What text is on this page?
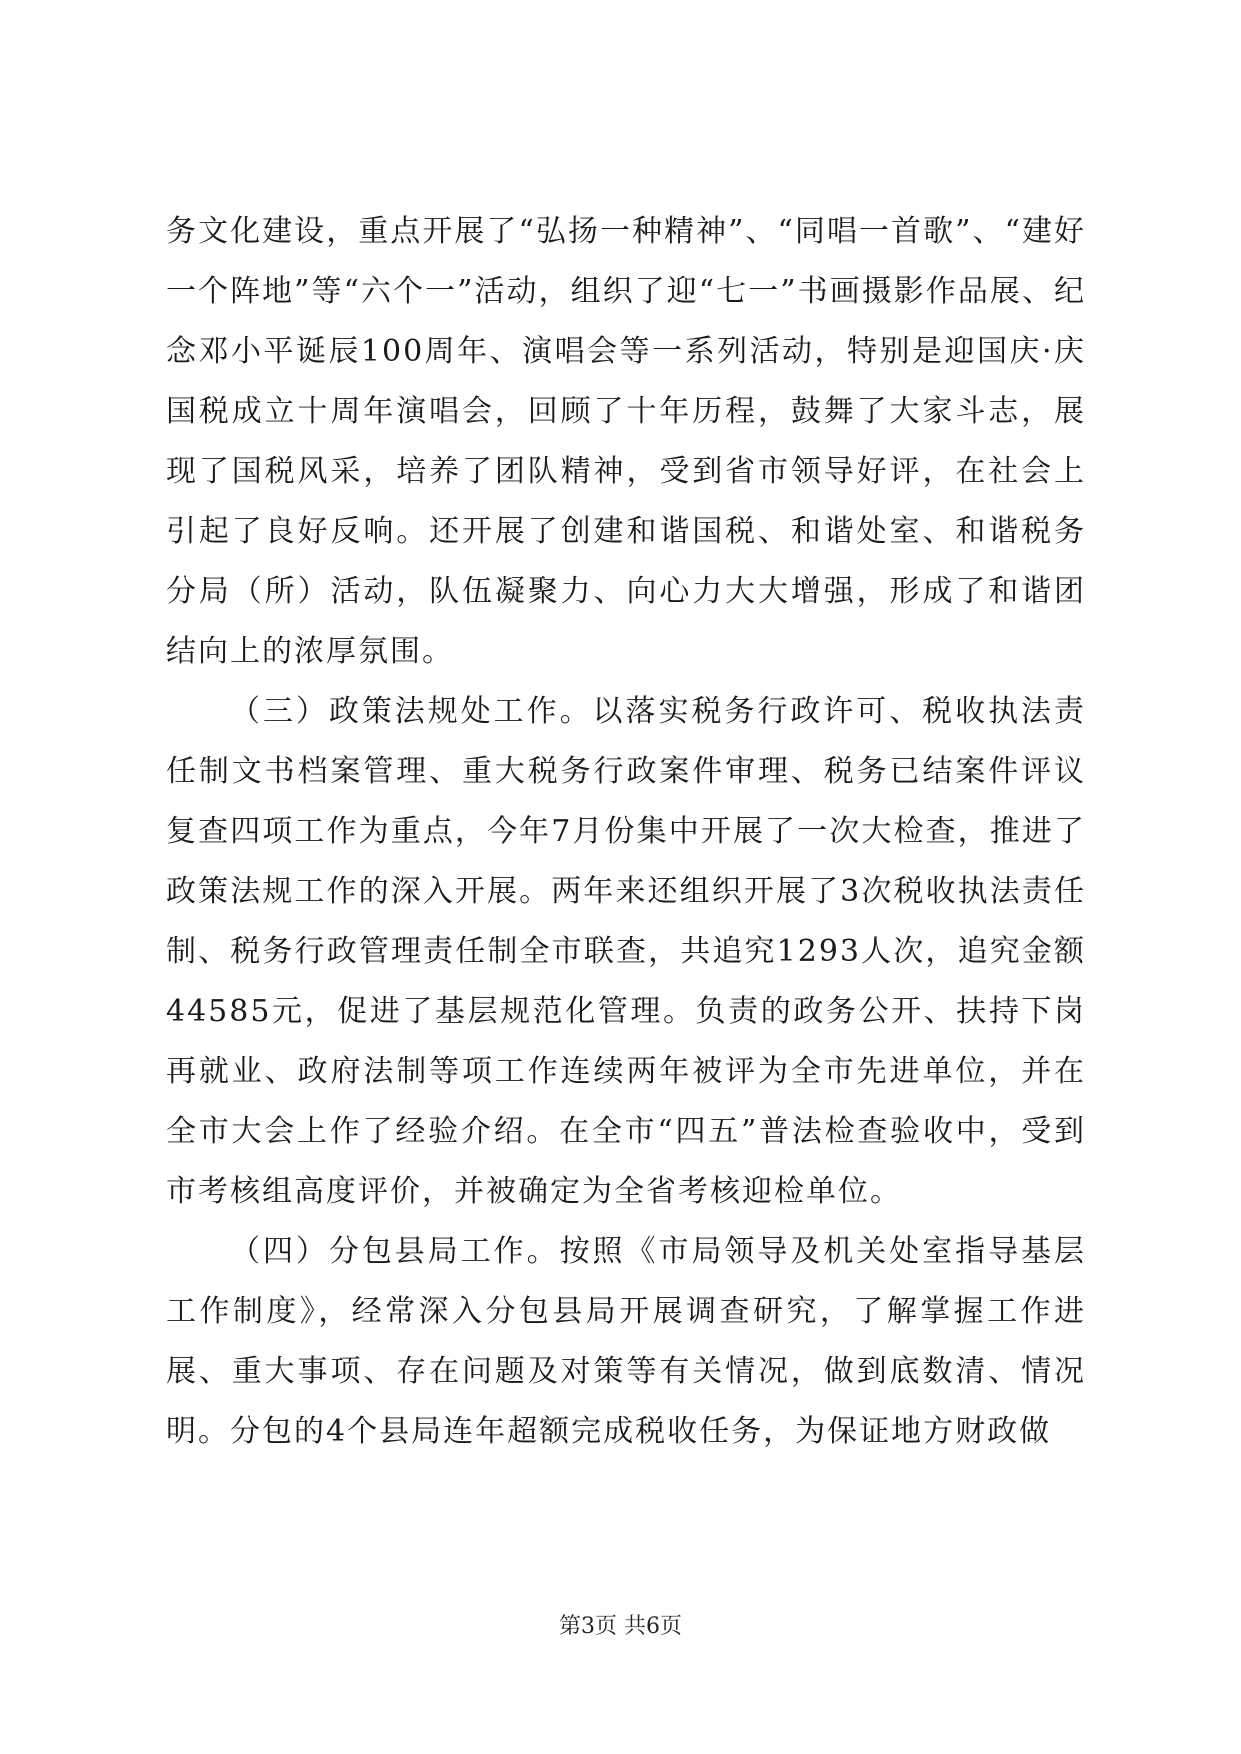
务文化建设，重点开展了“弘扬一种精神”、“同唱一首歌”、“建好一个阵地”等“六个一”活动，组织了迎“七一”书画摄影作品展、纪念邓小平诞辰100周年、演唱会等一系列活动，特别是迎国庆·庆国税成立十周年演唱会，回顾了十年历程，鼓舞了大家斗志，展现了国税风采，培养了团队精神，受到省市领导好评，在社会上引起了良好反响。还开展了创建和谐国税、和谐处室、和谐税务分局（所）活动，队伍凝聚力、向心力大大增强，形成了和谐团结向上的浓厚氛围。

（三）政策法规处工作。以落实税务行政许可、税收执法责任制文书档案管理、重大税务行政案件审理、税务已结案件评议复查四项工作为重点，今年7月份集中开展了一次大检查，推进了政策法规工作的深入开展。两年来还组织开展了3次税收执法责任制、税务行政管理责任制全市联查，共追究1293人次，追究金额44585元，促进了基层规范化管理。负责的政务公开、扶持下岗再就业、政府法制等项工作连续两年被评为全市先进单位，并在全市大会上作了经验介绍。在全市“四五”普法检查验收中，受到市考核组高度评价，并被确定为全省考核迎检单位。

（四）分包县局工作。按照《市局领导及机关处室指导基层工作制度》，经常深入分包县局开展调查研究，了解掌握工作进展、重大事项、存在问题及对策等有关情况，做到底数清、情况明。分包的4个县局连年超额完成税收任务，为保证地方财政做

第3页 共6页
